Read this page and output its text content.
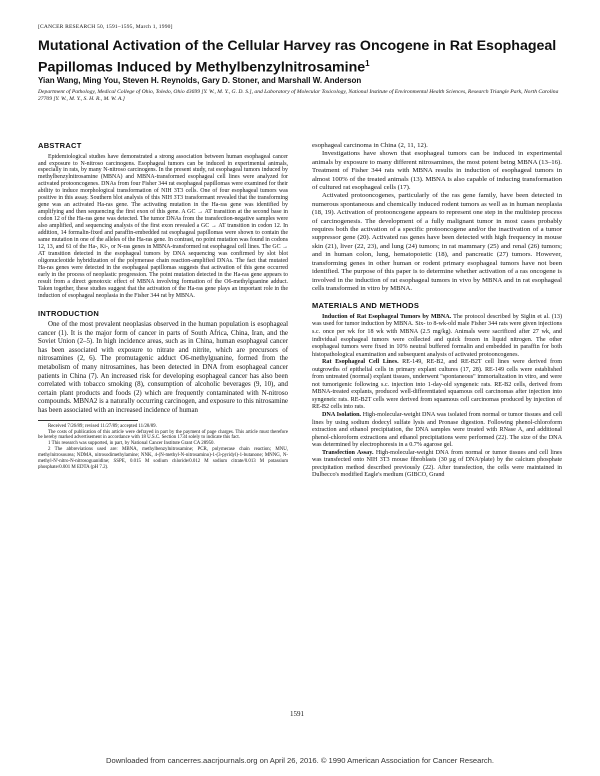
[CANCER RESEARCH 50, 1591–1595, March 1, 1990]
Mutational Activation of the Cellular Harvey ras Oncogene in Rat Esophageal Papillomas Induced by Methylbenzylnitrosamine$^1$
Yian Wang, Ming You, Steven H. Reynolds, Gary D. Stoner, and Marshall W. Anderson
Department of Pathology, Medical College of Ohio, Toledo, Ohio 43699 [Y. W., M. Y., G. D. S.], and Laboratory of Molecular Toxicology, National Institute of Environmental Health Sciences, Research Triangle Park, North Carolina 27709 [Y. W., M. Y., S. H. R., M. W. A.]
ABSTRACT

Epidemiological studies have demonstrated a strong association between human esophageal cancer and exposure to N-nitroso carcinogens. Esophageal tumors can be induced in experimental animals, especially in rats, by many N-nitroso carcinogens. In the present study, rat esophageal tumors induced by methylbenzylnitrosamine (MBNA) and MBNA-transformed esophageal cell lines were analyzed for activated protooncogenes. DNAs from four Fisher 344 rat esophageal papillomas were examined for their ability to induce morphological transformation of NIH 3T3 cells. One of four esophageal tumors was positive in this assay. Southern blot analysis of this NIH 3T3 transformant revealed that the transforming gene was an activated Ha-ras gene. The activating mutation in the Ha-ras gene was identified by amplifying and then sequencing the first exon of this gene. A GC → AT transition at the second base in codon 12 of the Ha-ras gene was detected. The tumor DNAs from the transfection-negative samples were also amplified, and sequencing analysis of the first exon revealed a GC → AT transition in codon 12. In addition, 14 formalin-fixed and paraffin-embedded rat esophageal papillomas were shown to contain the same mutation in one of the alleles of the Ha-ras gene. In contrast, no point mutation was found in codons 12, 13, and 61 of the Ha-, Ki-, or N-ras genes in MBNA-transformed rat esophageal cell lines. The GC → AT transition detected in the esophageal tumors by DNA sequencing was confirmed by slot blot oligonucleotide hybridization of the polymerase chain reaction-amplified DNAs. The fact that mutated Ha-ras genes were detected in the esophageal papillomas suggests that activation of this gene occurred early in the process of neoplastic progression. The point mutation detected in the Ha-ras gene appears to result from a direct genotoxic effect of MBNA involving formation of the O6-methylguanine adduct. Taken together, these studies suggest that the activation of the Ha-ras gene plays an important role in the induction of esophageal neoplasia in the Fisher 344 rat by MBNA.

INTRODUCTION

One of the most prevalent neoplasias observed in the human population is esophageal cancer (1). It is the major form of cancer in parts of South Africa, China, Iran, and the Soviet Union (2–5). In high incidence areas, such as in China, human esophageal cancer has been associated with exposure to nitrate and nitrite, which are precursors of nitrosamines (2, 6). The promutagenic adduct O6-methylguanine, formed from the metabolism of many nitrosamines, has been detected in DNA from esophageal cancer patients in China (7). An increased risk for developing esophageal cancer has also been correlated with tobacco smoking (8), consumption of alcoholic beverages (9, 10), and certain plant products and foods (2) which are frequently contaminated with N-nitroso compounds. MBNA2 is a naturally occurring carcinogen, and exposure to this nitrosamine has been associated with an increased incidence of human

Received 7/26/89; revised 11/27/89; accepted 11/28/89.

The costs of publication of this article were defrayed in part by the payment of page charges. This article must therefore be hereby marked advertisement in accordance with 18 U.S.C. Section 1734 solely to indicate this fact.

1 This research was supported, in part, by National Cancer Institute Grant CA 28950.

2 The abbreviations used are: MBNA, methylbenzylnitrosamine; PCR, polymerase chain reaction; MNU, methylnitrosourea; NDMA, nitrosodimethylamine; NNK, 4-(N-methyl-N-nitrosamino)-1-(3-pyridyl)-1-butanone; MNNG, N-methyl-N'-nitro-N-nitrosoguanidine; SSPE, 0.015 M sodium chloride/0.012 M sodium citrate/0.013 M potassium phosphate/0.001 M EDTA (pH 7.2).

esophageal carcinoma in China (2, 11, 12).

Investigations have shown that esophageal tumors can be induced in experimental animals by exposure to many different nitrosamines, the most potent being MBNA (13–16). Treatment of Fisher 344 rats with MBNA results in induction of esophageal tumors in almost 100% of the treated animals (13). MBNA is also capable of inducing transformation of cultured rat esophageal cells (17).

Activated protooncogenes, particularly of the ras gene family, have been detected in numerous spontaneous and chemically induced rodent tumors as well as in human neoplasia (18, 19). Activation of protooncogene appears to represent one step in the multistep process of carcinogenesis. The development of a fully malignant tumor in most cases probably requires both the activation of a specific protooncogene and/or the inactivation of a tumor suppressor gene (20). Activated ras genes have been detected with high frequency in mouse skin (21), liver (22, 23), and lung (24) tumors; in rat mammary (25) and renal (26) tumors; and in human colon, lung, hematopoietic (18), and pancreatic (27) tumors. However, transforming genes in other human or rodent primary esophageal tumors have not been identified. The purpose of this paper is to determine whether activation of a ras oncogene is involved in the induction of rat esophageal tumors in vivo by MBNA and in rat esophageal cells transformed in vitro by MBNA.

MATERIALS AND METHODS

Induction of Rat Esophageal Tumors by MBNA. The protocol described by Siglin et al. (13) was used for tumor induction by MBNA. Six- to 8-wk-old male Fisher 344 rats were given injections s.c. once per wk for 18 wk with MBNA (2.5 mg/kg). Animals were sacrificed after 27 wk, and individual esophageal tumors were collected and quick frozen in liquid nitrogen. The other esophageal tumors were fixed in 10% neutral buffered formalin and embedded in paraffin for both histopathological examination and subsequent analysis of activated protooncogenes.

Rat Esophageal Cell Lines. RE-149, RE-B2, and RE-B2T cell lines were derived from outgrowths of epithelial cells in primary explant cultures (17, 28). RE-149 cells were established from untreated (normal) explant tissues, underwent "spontaneous" immortalization in vitro, and were not tumorigenic following s.c. injection into 1-day-old syngeneic rats. RE-B2 cells, derived from MBNA-treated explants, produced well-differentiated squamous cell carcinomas after injection into syngeneic rats. RE-B2T cells were derived from squamous cell carcinomas produced by injection of RE-B2 cells into rats.

DNA Isolation. High-molecular-weight DNA was isolated from normal or tumor tissues and cell lines by using sodium dodecyl sulfate lysis and Pronase digestion. Following phenol-chloroform extraction and ethanol precipitation, the DNA samples were treated with RNase A, and additional phenol-chloroform extractions and ethanol precipitations were performed (22). The size of the DNA was determined by electrophoresis in a 0.7% agarose gel.

Transfection Assay. High-molecular-weight DNA from normal or tumor tissues and cell lines was transfected onto NIH 3T3 mouse fibroblasts (30 µg of DNA/plate) by the calcium phosphate precipitation method described previously (22). After transfection, the cells were maintained in Dulbecco's modified Eagle's medium (GIBCO, Grand

1591
Downloaded from cancerres.aacrjournals.org on April 26, 2016. © 1990 American Association for Cancer Research.
